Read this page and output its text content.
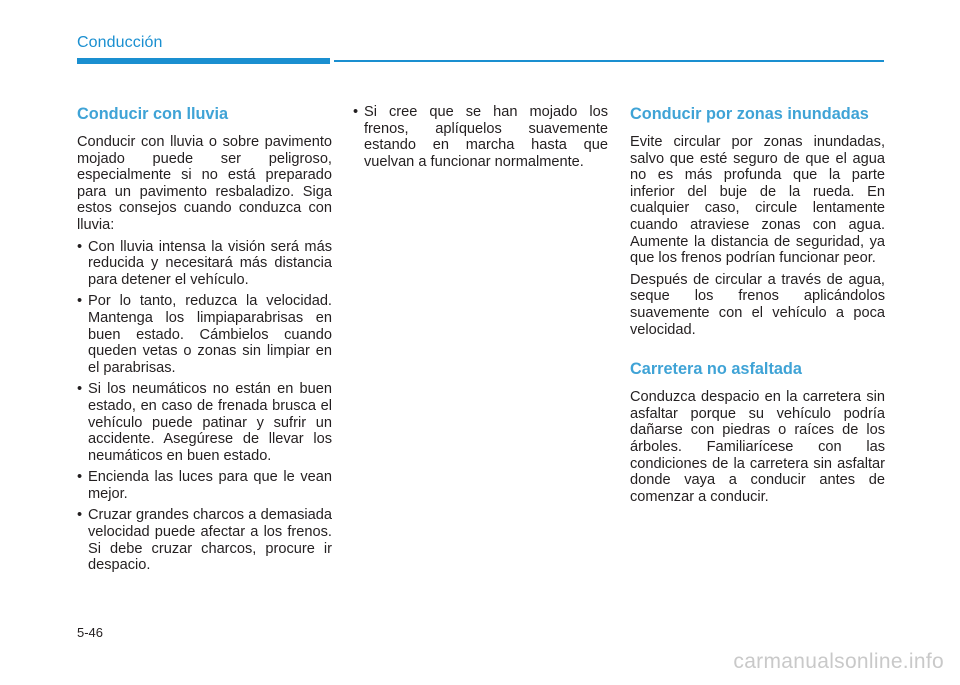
Conducción
Conducir con lluvia

Conducir con lluvia o sobre pavimento mojado puede ser peligroso, especialmente si no está preparado para un pavimento resbaladizo. Siga estos consejos cuando conduzca con lluvia:

• Con lluvia intensa la visión será más reducida y necesitará más distancia para detener el vehículo.
• Por lo tanto, reduzca la velocidad. Mantenga los limpiaparabrisas en buen estado. Cámbielos cuando queden vetas o zonas sin limpiar en el parabrisas.
• Si los neumáticos no están en buen estado, en caso de frenada brusca el vehículo puede patinar y sufrir un accidente. Asegúrese de llevar los neumáticos en buen estado.
• Encienda las luces para que le vean mejor.
• Cruzar grandes charcos a demasiada velocidad puede afectar a los frenos. Si debe cruzar charcos, procure ir despacio.
• Si cree que se han mojado los frenos, aplíquelos suavemente estando en marcha hasta que vuelvan a funcionar normalmente.
Conducir por zonas inundadas

Evite circular por zonas inundadas, salvo que esté seguro de que el agua no es más profunda que la parte inferior del buje de la rueda. En cualquier caso, circule lentamente cuando atraviese zonas con agua. Aumente la distancia de seguridad, ya que los frenos podrían funcionar peor.

Después de circular a través de agua, seque los frenos aplicándolos suavemente con el vehículo a poca velocidad.

Carretera no asfaltada

Conduzca despacio en la carretera sin asfaltar porque su vehículo podría dañarse con piedras o raíces de los árboles. Familiarícese con las condiciones de la carretera sin asfaltar donde vaya a conducir antes de comenzar a conducir.

5-46
carmanualsonline.info
